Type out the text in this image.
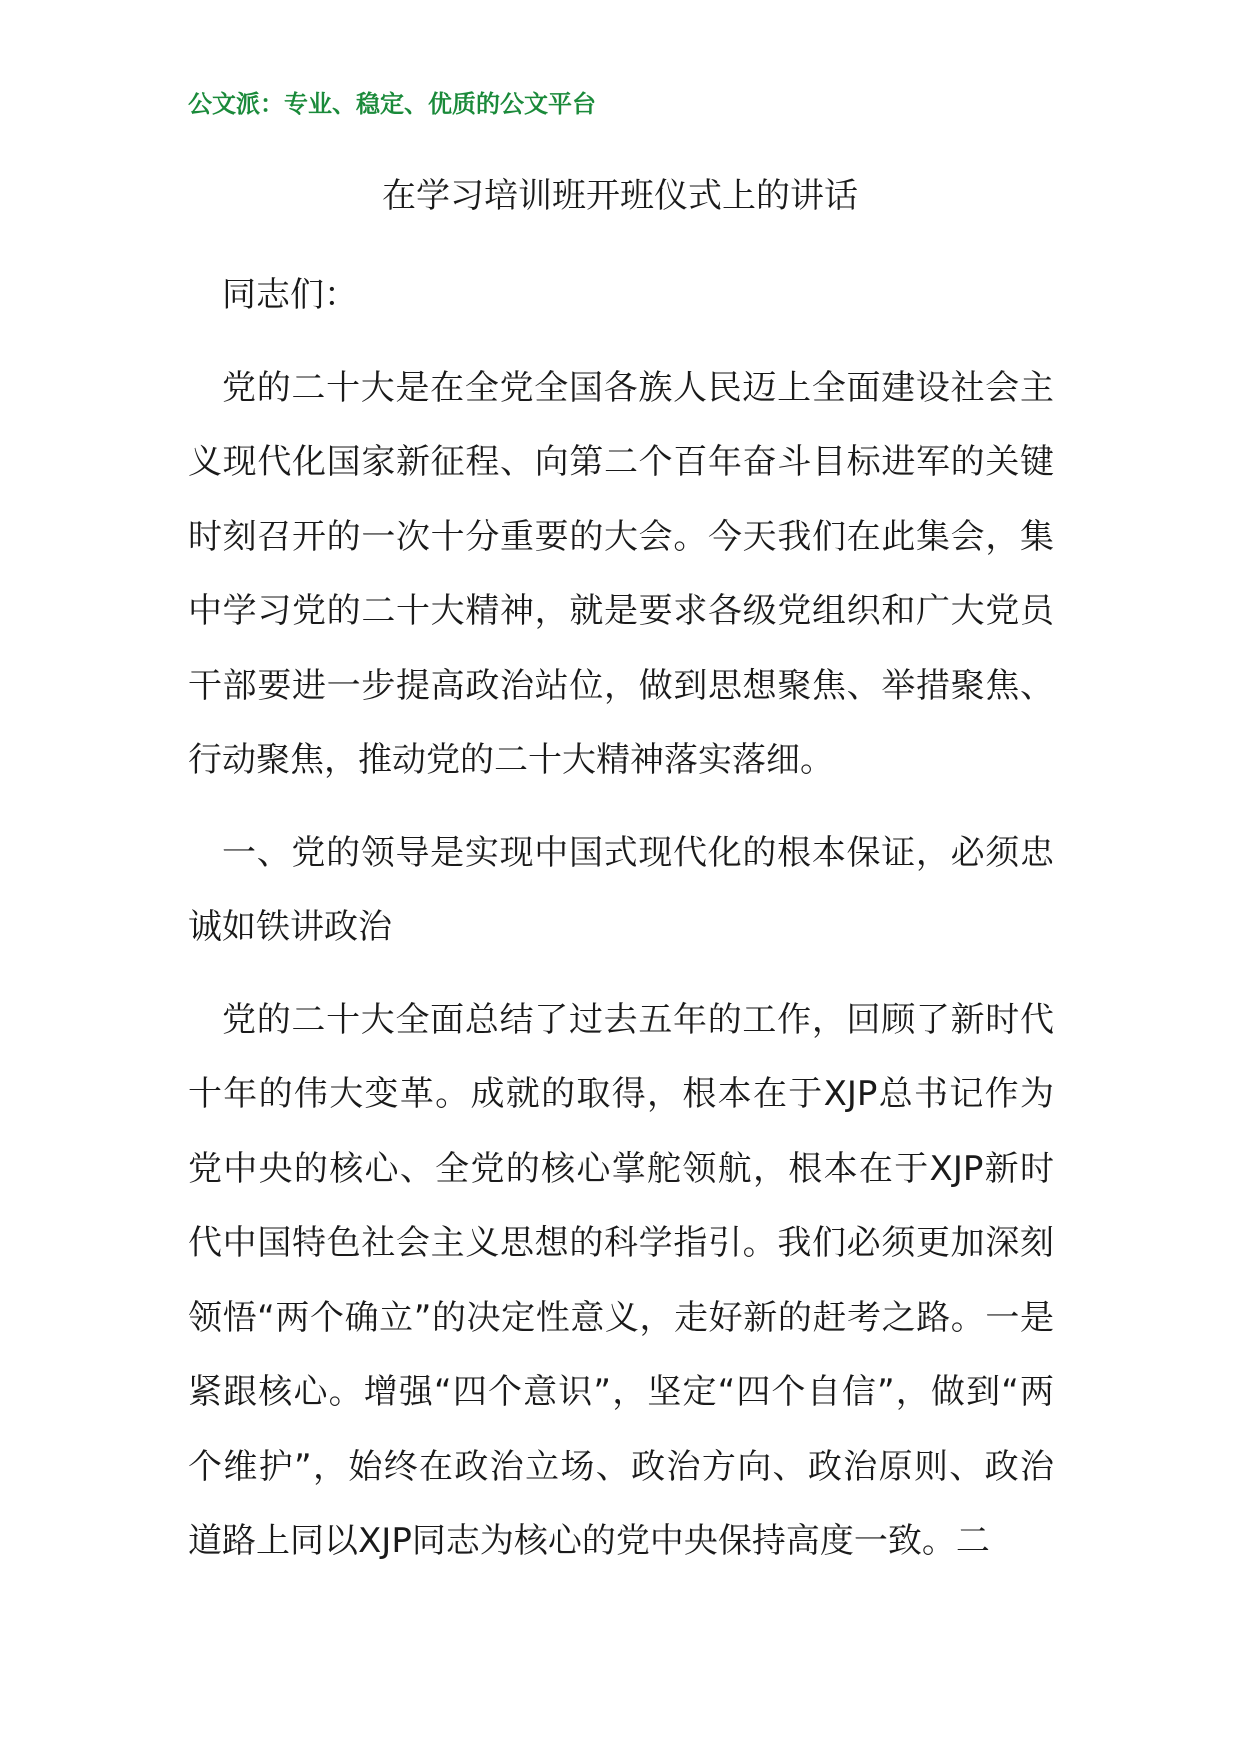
公文派：专业、稳定、优质的公文平台
在学习培训班开班仪式上的讲话

同志们：

党的二十大是在全党全国各族人民迈上全面建设社会主义现代化国家新征程、向第二个百年奋斗目标进军的关键时刻召开的一次十分重要的大会。今天我们在此集会，集中学习党的二十大精神，就是要求各级党组织和广大党员干部要进一步提高政治站位，做到思想聚焦、举措聚焦、行动聚焦，推动党的二十大精神落实落细。

一、党的领导是实现中国式现代化的根本保证，必须忠诚如铁讲政治

党的二十大全面总结了过去五年的工作，回顾了新时代十年的伟大变革。成就的取得，根本在于XJP总书记作为党中央的核心、全党的核心掌舵领航，根本在于XJP新时代中国特色社会主义思想的科学指引。我们必须更加深刻领悟“两个确立”的决定性意义，走好新的赶考之路。一是紧跟核心。增强“四个意识”，坚定“四个自信”，做到“两个维护”，始终在政治立场、政治方向、政治原则、政治道路上同以XJP同志为核心的党中央保持高度一致。二
